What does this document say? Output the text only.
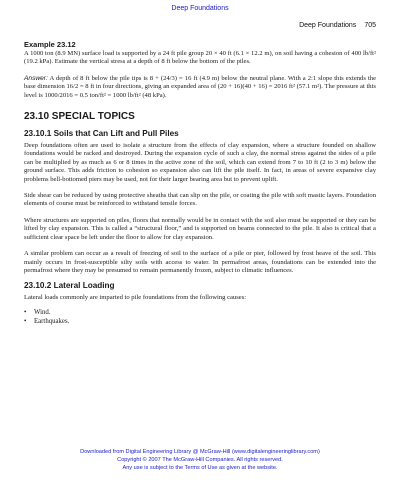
Deep Foundations
Deep Foundations 705
Example 23.12

A 1000 ton (8.9 MN) surface load is supported by a 24 ft pile group 20 × 40 ft (6.1 × 12.2 m), on soil having a cohesion of 400 lb/ft² (19.2 kPa). Estimate the vertical stress at a depth of 8 ft below the bottom of the piles.

Answer: A depth of 8 ft below the pile tips is 8 + (24/3) = 16 ft (4.9 m) below the neutral plane. With a 2:1 slope this extends the base dimension 16/2 = 8 ft in four directions, giving an expanded area of (20 + 16)(40 + 16) = 2016 ft² (57.1 m²). The pressure at this level is 1000/2016 = 0.5 ton/ft² = 1000 lb/ft² (48 kPa).

23.10 SPECIAL TOPICS
23.10.1 Soils that Can Lift and Pull Piles

Deep foundations often are used to isolate a structure from the effects of clay expansion, where a structure founded on shallow foundations would be racked and destroyed. During the expansion cycle of such a clay, the normal stress against the sides of a pile can be multiplied by as much as 6 or 8 times in the active zone of the soil, which can extend from 7 to 10 ft (2 to 3 m) below the ground surface. This adds friction to cohesion so expansion also can lift the pile itself. In fact, in areas of severe expansive clay problems bell-bottomed piers may be used, not for their larger bearing area but to prevent uplift.

Side shear can be reduced by using protective sheaths that can slip on the pile, or coating the pile with soft mastic layers. Foundation elements of course must be reinforced to withstand tensile forces.

Where structures are supported on piles, floors that normally would be in contact with the soil also must be supported or they can be lifted by clay expansion. This is called a “structural floor,” and is supported on beams connected to the pile. It also is critical that a sufficient clear space be left under the floor to allow for clay expansion.

A similar problem can occur as a result of freezing of soil to the surface of a pile or pier, followed by frost heave of the soil. This mainly occurs in frost-susceptible silty soils with access to water. In permafrost areas, foundations can be extended into the permafrost where they may be presumed to remain permanently frozen, subject to climatic influences.

23.10.2 Lateral Loading

Lateral loads commonly are imparted to pile foundations from the following causes:

• Wind.
• Earthquakes.
Downloaded from Digital Engineering Library @ McGraw-Hill (www.digitalengineeringlibrary.com)
Copyright © 2007 The McGraw-Hill Companies. All rights reserved.
Any use is subject to the Terms of Use as given at the website.
